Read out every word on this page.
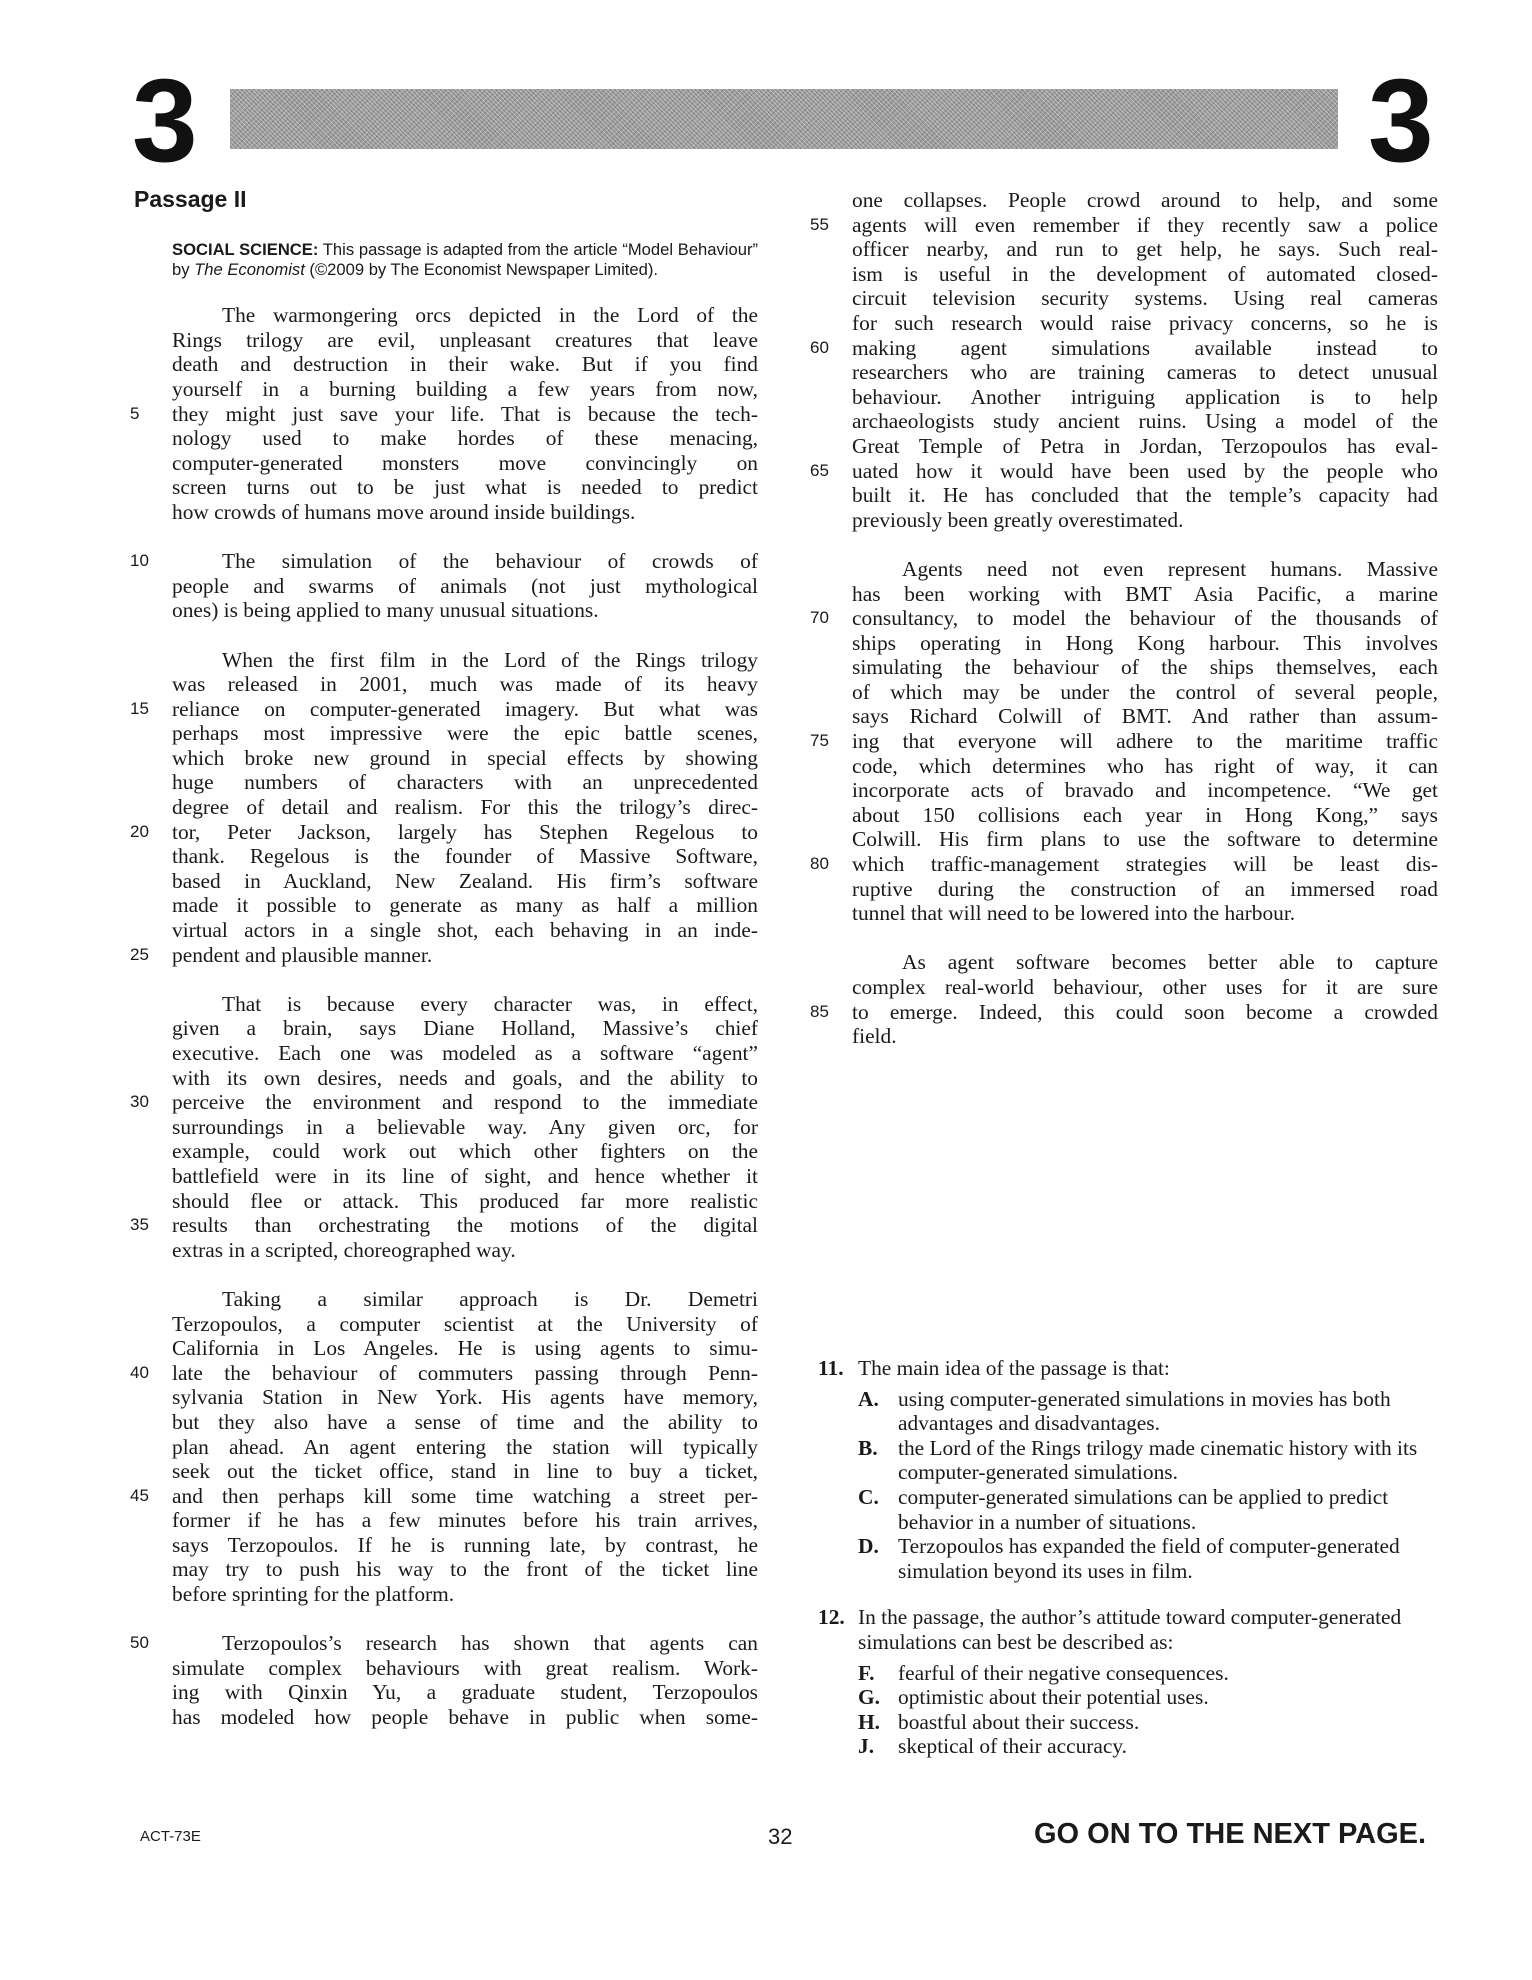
3	3
Passage II
SOCIAL SCIENCE: This passage is adapted from the article “Model Behaviour” by The Economist (©2009 by The Economist Newspaper Limited).
The warmongering orcs depicted in the Lord of the
Rings trilogy are evil, unpleasant creatures that leave
death and destruction in their wake. But if you find
yourself in a burning building a few years from now,
they might just save your life. That is because the tech-
5
nology used to make hordes of these menacing,
computer-generated monsters move convincingly on
screen turns out to be just what is needed to predict
how crowds of humans move around inside buildings.
The simulation of the behaviour of crowds of
10
people and swarms of animals (not just mythological
ones) is being applied to many unusual situations.
When the first film in the Lord of the Rings trilogy
was released in 2001, much was made of its heavy
reliance on computer-generated imagery. But what was
15
perhaps most impressive were the epic battle scenes,
which broke new ground in special effects by showing
huge numbers of characters with an unprecedented
degree of detail and realism. For this the trilogy’s direc-
tor, Peter Jackson, largely has Stephen Regelous to
20
thank. Regelous is the founder of Massive Software,
based in Auckland, New Zealand. His firm’s software
made it possible to generate as many as half a million
virtual actors in a single shot, each behaving in an inde-
pendent and plausible manner.
25
That is because every character was, in effect,
given a brain, says Diane Holland, Massive’s chief
executive. Each one was modeled as a software “agent”
with its own desires, needs and goals, and the ability to
perceive the environment and respond to the immediate
30
surroundings in a believable way. Any given orc, for
example, could work out which other fighters on the
battlefield were in its line of sight, and hence whether it
should flee or attack. This produced far more realistic
results than orchestrating the motions of the digital
35
extras in a scripted, choreographed way.
Taking a similar approach is Dr. Demetri
Terzopoulos, a computer scientist at the University of
California in Los Angeles. He is using agents to simu-
late the behaviour of commuters passing through Penn-
40
sylvania Station in New York. His agents have memory,
but they also have a sense of time and the ability to
plan ahead. An agent entering the station will typically
seek out the ticket office, stand in line to buy a ticket,
and then perhaps kill some time watching a street per-
45
former if he has a few minutes before his train arrives,
says Terzopoulos. If he is running late, by contrast, he
may try to push his way to the front of the ticket line
before sprinting for the platform.
Terzopoulos’s research has shown that agents can
50
simulate complex behaviours with great realism. Work-
ing with Qinxin Yu, a graduate student, Terzopoulos
has modeled how people behave in public when some-
one collapses. People crowd around to help, and some
agents will even remember if they recently saw a police
55
officer nearby, and run to get help, he says. Such real-
ism is useful in the development of automated closed-
circuit television security systems. Using real cameras
for such research would raise privacy concerns, so he is
making agent simulations available instead to
60
researchers who are training cameras to detect unusual
behaviour. Another intriguing application is to help
archaeologists study ancient ruins. Using a model of the
Great Temple of Petra in Jordan, Terzopoulos has eval-
uated how it would have been used by the people who
65
built it. He has concluded that the temple’s capacity had
previously been greatly overestimated.
Agents need not even represent humans. Massive
has been working with BMT Asia Pacific, a marine
consultancy, to model the behaviour of the thousands of
70
ships operating in Hong Kong harbour. This involves
simulating the behaviour of the ships themselves, each
of which may be under the control of several people,
says Richard Colwill of BMT. And rather than assum-
ing that everyone will adhere to the maritime traffic
75
code, which determines who has right of way, it can
incorporate acts of bravado and incompetence. “We get
about 150 collisions each year in Hong Kong,” says
Colwill. His firm plans to use the software to determine
which traffic-management strategies will be least dis-
80
ruptive during the construction of an immersed road
tunnel that will need to be lowered into the harbour.
As agent software becomes better able to capture
complex real-world behaviour, other uses for it are sure
to emerge. Indeed, this could soon become a crowded
85
field.
11. The main idea of the passage is that:
A. using computer-generated simulations in movies has both advantages and disadvantages.
B. the Lord of the Rings trilogy made cinematic history with its computer-generated simulations.
C. computer-generated simulations can be applied to predict behavior in a number of situations.
D. Terzopoulos has expanded the field of computer-generated simulation beyond its uses in film.
12. In the passage, the author’s attitude toward computer-generated simulations can best be described as:
F. fearful of their negative consequences.
G. optimistic about their potential uses.
H. boastful about their success.
J. skeptical of their accuracy.
ACT-73E	32	GO ON TO THE NEXT PAGE.
